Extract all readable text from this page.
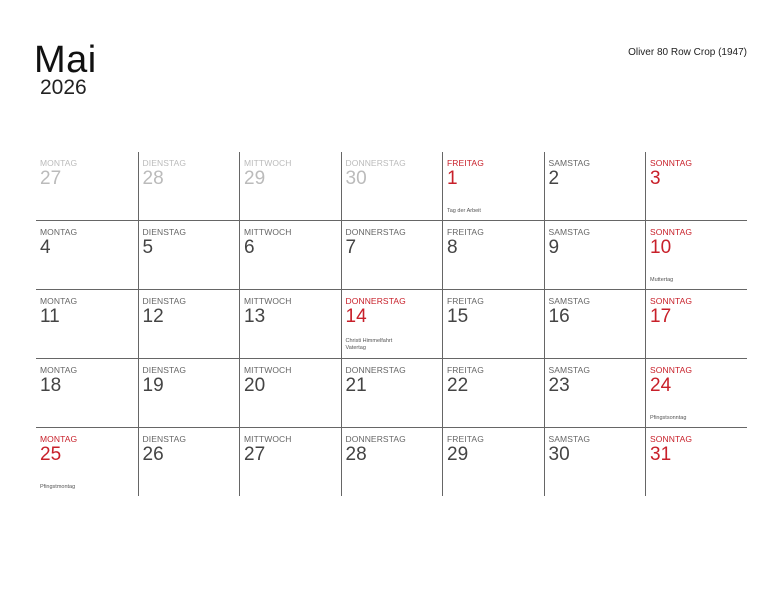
Mai
2026
Oliver 80 Row Crop (1947)
MONTAG
27
DIENSTAG
28
MITTWOCH
29
DONNERSTAG
30
FREITAG
1
Tag der Arbeit
SAMSTAG
2
SONNTAG
3
MONTAG
4
DIENSTAG
5
MITTWOCH
6
DONNERSTAG
7
FREITAG
8
SAMSTAG
9
SONNTAG
10
Muttertag
MONTAG
11
DIENSTAG
12
MITTWOCH
13
DONNERSTAG
14
Christi Himmelfahrt
Vatertag
FREITAG
15
SAMSTAG
16
SONNTAG
17
MONTAG
18
DIENSTAG
19
MITTWOCH
20
DONNERSTAG
21
FREITAG
22
SAMSTAG
23
SONNTAG
24
Pfingstsonntag
MONTAG
25
Pfingstmontag
DIENSTAG
26
MITTWOCH
27
DONNERSTAG
28
FREITAG
29
SAMSTAG
30
SONNTAG
31
